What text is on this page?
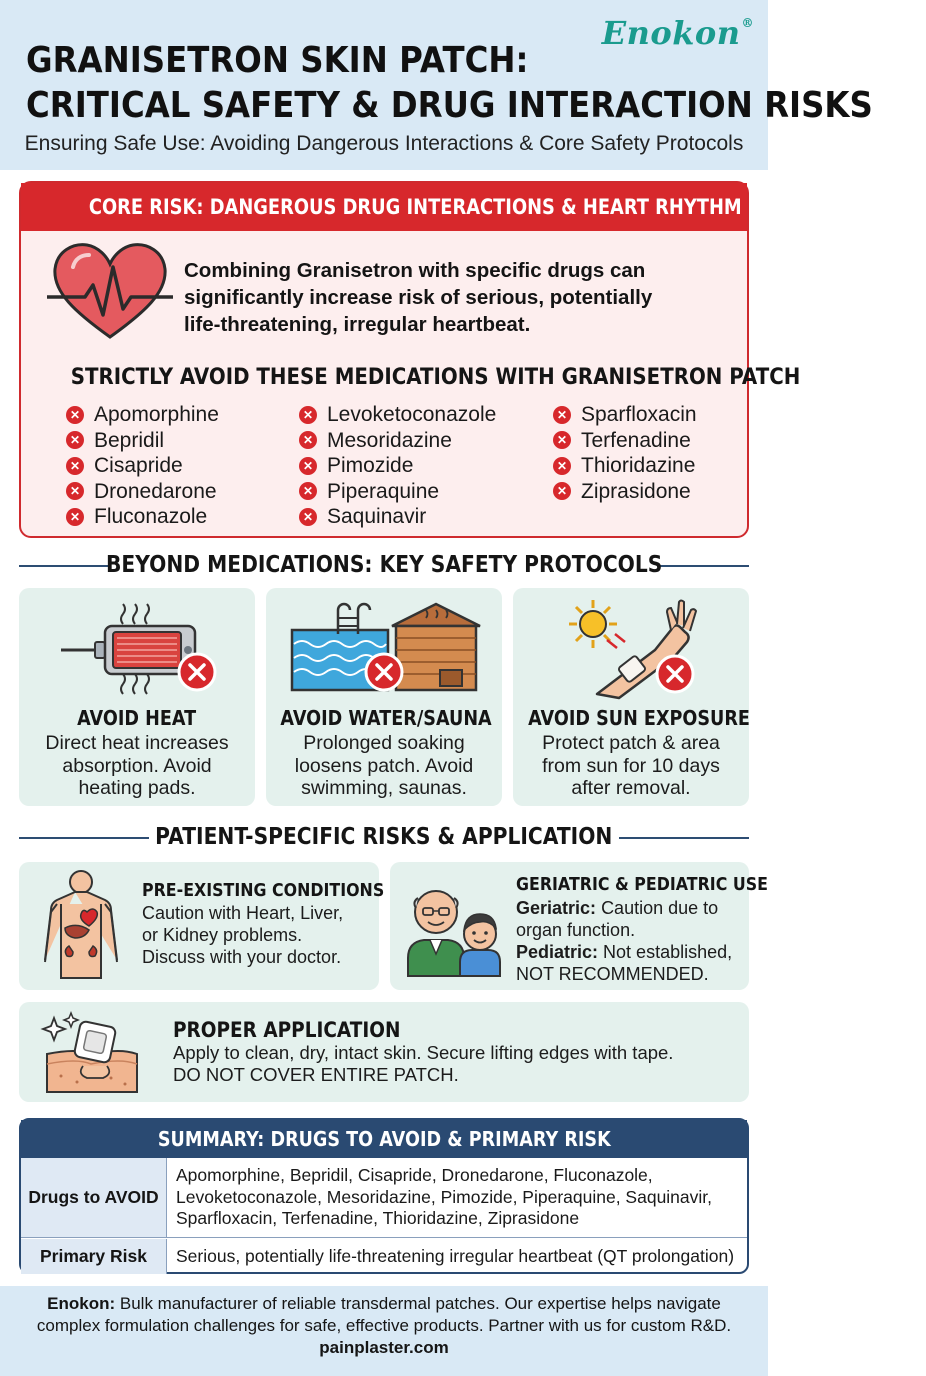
Enokon®
GRANISETRON SKIN PATCH:
CRITICAL SAFETY & DRUG INTERACTION RISKS
Ensuring Safe Use: Avoiding Dangerous Interactions & Core Safety Protocols
CORE RISK: DANGEROUS DRUG INTERACTIONS & HEART RHYTHM PROBLEMS
Combining Granisetron with specific drugs can
significantly increase risk of serious, potentially
life-threatening, irregular heartbeat.
STRICTLY AVOID THESE MEDICATIONS WITH GRANISETRON PATCH
✕ Apomorphine
✕ Bepridil
✕ Cisapride
✕ Dronedarone
✕ Fluconazole
✕ Levoketoconazole
✕ Mesoridazine
✕ Pimozide
✕ Piperaquine
✕ Saquinavir
✕ Sparfloxacin
✕ Terfenadine
✕ Thioridazine
✕ Ziprasidone
BEYOND MEDICATIONS: KEY SAFETY PROTOCOLS
AVOID HEAT
Direct heat increases
absorption. Avoid
heating pads.
AVOID WATER/SAUNA
Prolonged soaking
loosens patch. Avoid
swimming, saunas.
AVOID SUN EXPOSURE
Protect patch & area
from sun for 10 days
after removal.
PATIENT-SPECIFIC RISKS & APPLICATION
PRE-EXISTING CONDITIONS
Caution with Heart, Liver,
or Kidney problems.
Discuss with your doctor.
GERIATRIC & PEDIATRIC USE
Geriatric: Caution due to
organ function.
Pediatric: Not established,
NOT RECOMMENDED.
PROPER APPLICATION
Apply to clean, dry, intact skin. Secure lifting edges with tape.
DO NOT COVER ENTIRE PATCH.
SUMMARY: DRUGS TO AVOID & PRIMARY RISK
Drugs to AVOID
Apomorphine, Bepridil, Cisapride, Dronedarone, Fluconazole,
Levoketoconazole, Mesoridazine, Pimozide, Piperaquine, Saquinavir,
Sparfloxacin, Terfenadine, Thioridazine, Ziprasidone
Primary Risk	Serious, potentially life-threatening irregular heartbeat (QT prolongation)
Enokon: Bulk manufacturer of reliable transdermal patches. Our expertise helps navigate
complex formulation challenges for safe, effective products. Partner with us for custom R&D.
painplaster.com
